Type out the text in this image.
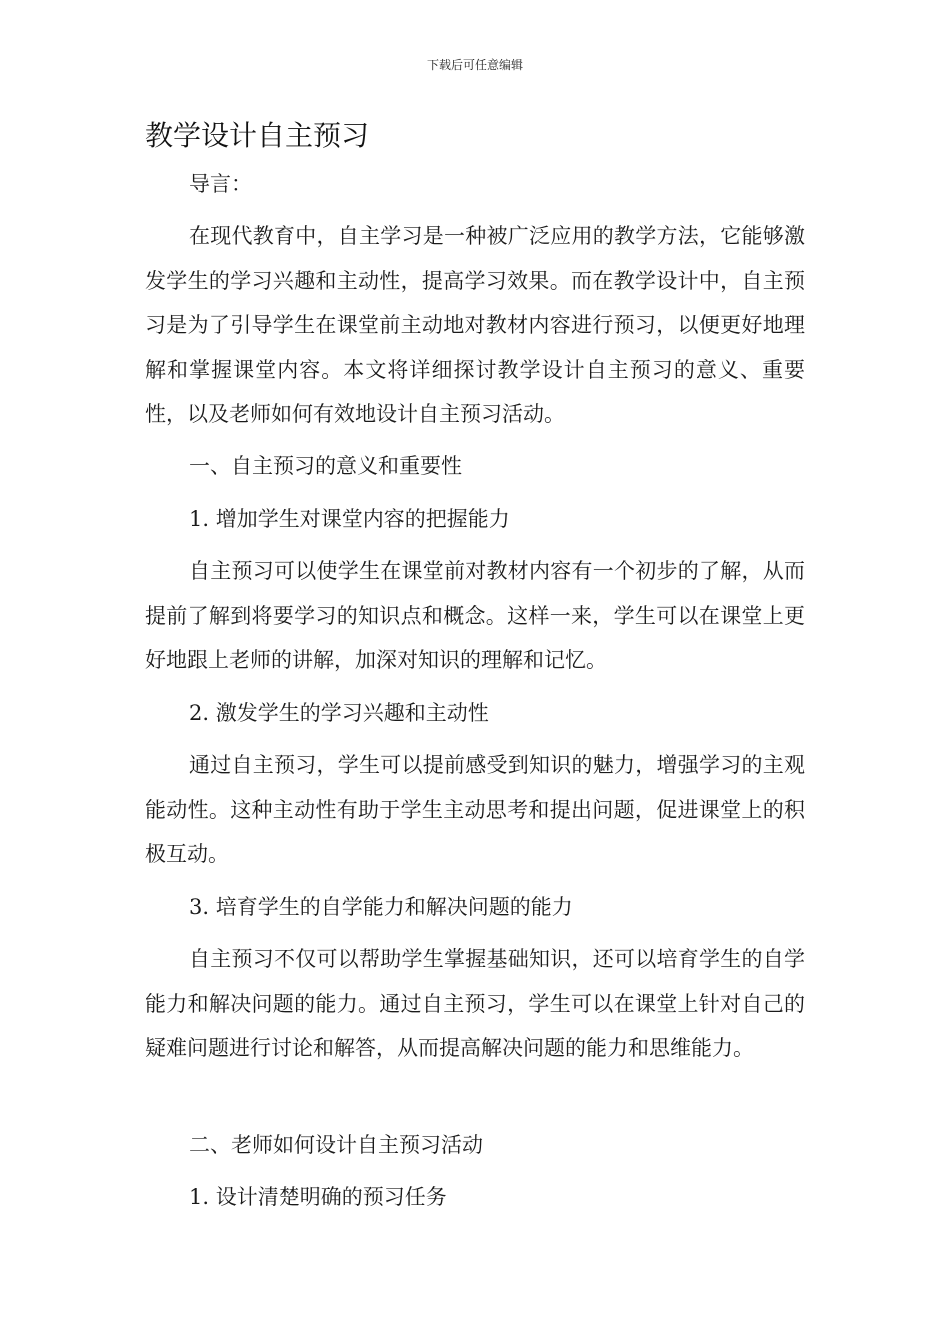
下载后可任意编辑
教学设计自主预习
导言：

在现代教育中，自主学习是一种被广泛应用的教学方法，它能够激发学生的学习兴趣和主动性，提高学习效果。而在教学设计中，自主预习是为了引导学生在课堂前主动地对教材内容进行预习，以便更好地理解和掌握课堂内容。本文将详细探讨教学设计自主预习的意义、重要性，以及老师如何有效地设计自主预习活动。

一、自主预习的意义和重要性
1. 增加学生对课堂内容的把握能力

自主预习可以使学生在课堂前对教材内容有一个初步的了解，从而提前了解到将要学习的知识点和概念。这样一来，学生可以在课堂上更好地跟上老师的讲解，加深对知识的理解和记忆。

2. 激发学生的学习兴趣和主动性

通过自主预习，学生可以提前感受到知识的魅力，增强学习的主观能动性。这种主动性有助于学生主动思考和提出问题，促进课堂上的积极互动。

3. 培育学生的自学能力和解决问题的能力

自主预习不仅可以帮助学生掌握基础知识，还可以培育学生的自学能力和解决问题的能力。通过自主预习，学生可以在课堂上针对自己的疑难问题进行讨论和解答，从而提高解决问题的能力和思维能力。

二、老师如何设计自主预习活动
1. 设计清楚明确的预习任务
